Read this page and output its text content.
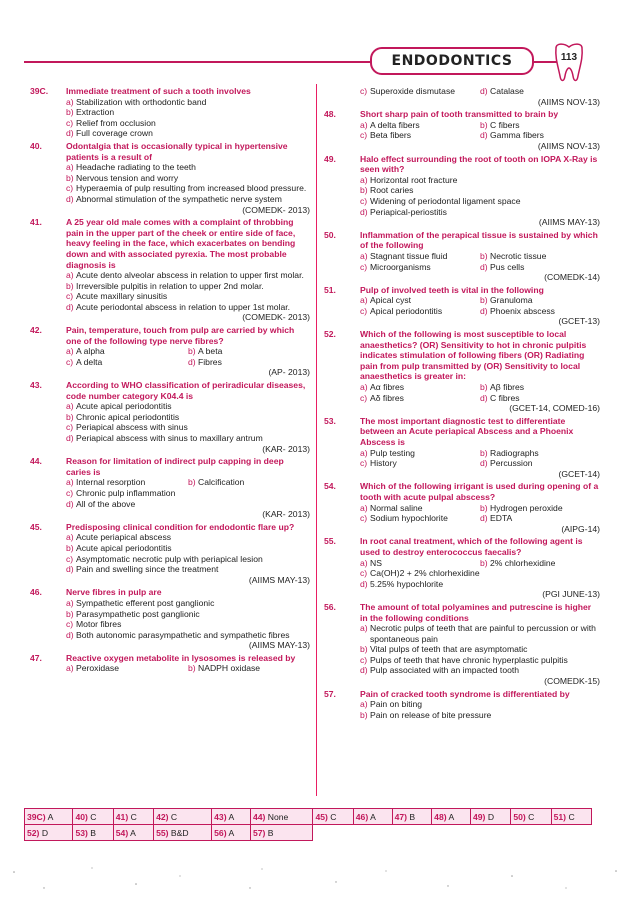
ENDODONTICS	113
39C.	Immediate treatment of such a tooth involves
a) Stabilization with orthodontic band
b) Extraction
c) Relief from occlusion
d) Full coverage crown
40.	Odontalgia that is occasionally typical in hypertensive patients is a result of
a) Headache radiating to the teeth
b) Nervous tension and worry
c) Hyperaemia of pulp resulting from increased blood pressure.
d) Abnormal stimulation of the sympathetic nerve system
(COMEDK- 2013)
41.	A 25 year old male comes with a complaint of throbbing pain in the upper part of the cheek or entire side of face, heavy feeling in the face, which exacerbates on bending down and with associated pyrexia. The most probable diagnosis is
a) Acute dento alveolar abscess in relation to upper first molar.
b) Irreversible pulpitis in relation to upper 2nd molar.
c) Acute maxillary sinusitis
d) Acute periodontal abscess in relation to upper 1st molar.
(COMEDK- 2013)
42.	Pain, temperature, touch from pulp are carried by which one of the following type nerve fibres?
a) A alpha	b) A beta
c) A delta	d) Fibres
(AP- 2013)
43.	According to WHO classification of periradicular diseases, code number category K04.4 is
a) Acute apical periodontitis
b) Chronic apical periodontitis
c) Periapical abscess with sinus
d) Periapical abscess with sinus to maxillary antrum
(KAR- 2013)
44.	Reason for limitation of indirect pulp capping in deep caries is
a) Internal resorption	b) Calcification
c) Chronic pulp inflammation
d) All of the above
(KAR- 2013)
45.	Predisposing clinical condition for endodontic flare up?
a) Acute periapical abscess
b) Acute apical periodontitis
c) Asymptomatic necrotic pulp with periapical lesion
d) Pain and swelling since the treatment
(AIIMS MAY-13)
46.	Nerve fibres in pulp are
a) Sympathetic efferent post ganglionic
b) Parasympathetic post ganglionic
c) Motor fibres
d) Both autonomic parasympathetic and sympathetic fibres
(AIIMS MAY-13)
47.	Reactive oxygen metabolite in lysosomes is released by
a) Peroxidase	b) NADPH oxidase
c) Superoxide dismutase	d) Catalase
(AIIMS NOV-13)
48.	Short sharp pain of tooth transmitted to brain by
a) A delta fibers	b) C fibers
c) Beta fibers	d) Gamma fibers
(AIIMS NOV-13)
49.	Halo effect surrounding the root of tooth on IOPA X-Ray is seen with?
a) Horizontal root fracture
b) Root caries
c) Widening of periodontal ligament space
d) Periapical-periostitis
(AIIMS MAY-13)
50.	Inflammation of the perapical tissue is sustained by which of the following
a) Stagnant tissue fluid	b) Necrotic tissue
c) Microorganisms	d) Pus cells
(COMEDK-14)
51.	Pulp of involved teeth is vital in the following
a) Apical cyst	b) Granuloma
c) Apical periodontitis	d) Phoenix abscess
(GCET-13)
52.	Which of the following is most susceptible to local anaesthetics? (OR) Sensitivity to hot in chronic pulpitis indicates stimulation of following fibers (OR) Radiating pain from pulp transmitted by (OR) Sensitivity to local anaesthetics is greater in:
a) Aα fibres	b) Aβ fibres
c) Aδ fibres	d) C fibres
(GCET-14, COMED-16)
53.	The most important diagnostic test to differentiate between an Acute periapical Abscess and a Phoenix Abscess is
a) Pulp testing	b) Radiographs
c) History	d) Percussion
(GCET-14)
54.	Which of the following irrigant is used during opening of a tooth with acute pulpal abscess?
a) Normal saline	b) Hydrogen peroxide
c) Sodium hypochlorite	d) EDTA
(AIPG-14)
55.	In root canal treatment, which of the following agent is used to destroy enterococcus faecalis?
a) NS	b) 2% chlorhexidine
c) Ca(OH)2 + 2% chlorhexidine
d) 5.25% hypochlorite
(PGI JUNE-13)
56.	The amount of total polyamines and putrescine is higher in the following conditions
a) Necrotic pulps of teeth that are painful to percussion or with spontaneous pain
b) Vital pulps of teeth that are asymptomatic
c) Pulps of teeth that have chronic hyperplastic pulpitis
d) Pulp associated with an impacted tooth
(COMEDK-15)
57.	Pain of cracked tooth syndrome is differentiated by
a) Pain on biting
b) Pain on release of bite pressure
39C) A	40) C	41) C	42) C	43) A	44) None	45) C	46) A	47) B	48) A	49) D	50) C	51) C
52) D	53) B	54) A	55) B&D	56) A	57) B							
